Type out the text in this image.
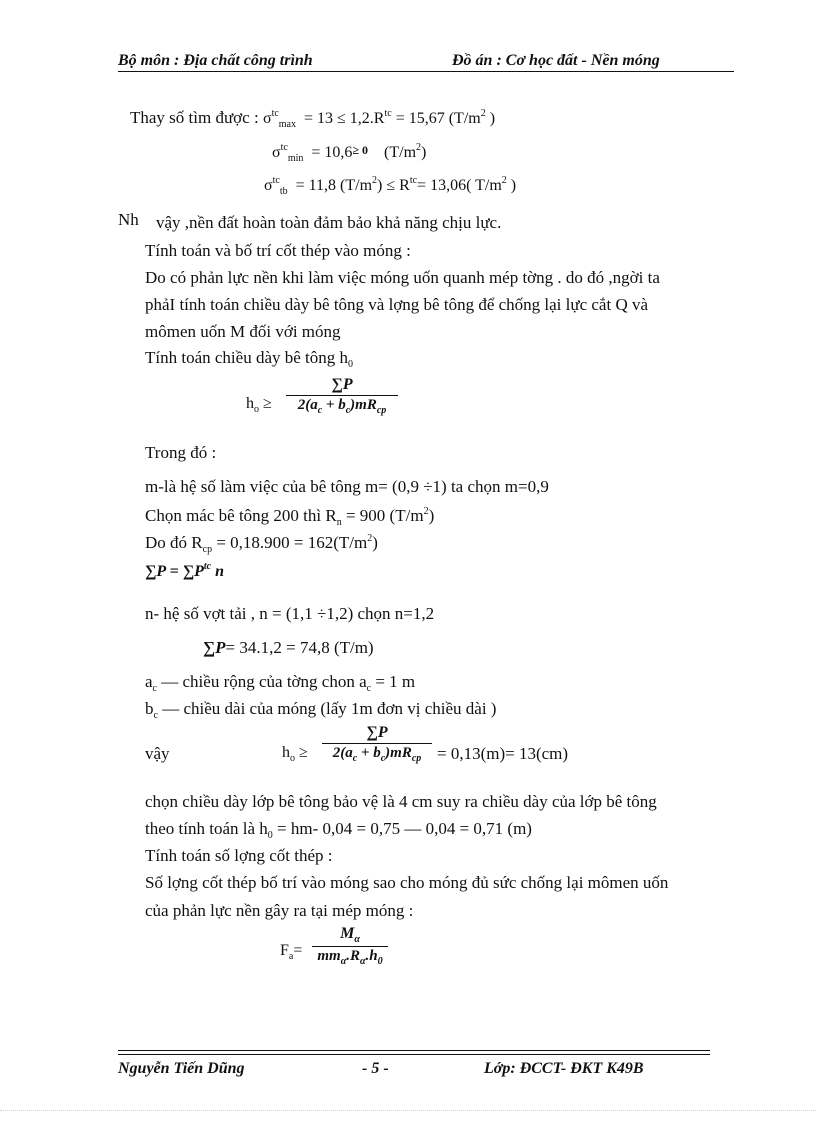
Bộ môn : Địa chất công trình	Đồ án : Cơ học đất - Nền móng
Thay số tìm được : $\sigma^{tc}_{max} = 13 \le 1,2.R^{tc} = 15,67$ ($T/m^2$ )
$\sigma^{tc}_{min} = 10,6^{\ge 0}$ $(T/m^2)$
$\sigma^{tc}_{tb} = 11,8$ $(T/m^2) \le R^{tc}= 13,06$( $T/m^2$ )
Nh vậy ,nền đất hoàn toàn đảm bảo khả năng chịu lực.
Tính toán và bố trí cốt thép vào móng :
Do có phản lực nền khi làm việc móng uốn quanh mép tờng . do đó ,ngời ta
phảI tính toán chiều dày bê tông và lợng bê tông để chống lại lực cắt Q và
mômen uốn M đối với móng
Tính toán chiều dày bê tông $h_0$
$h_o$ ≥
∑P
$2(a_c + b_c)mR_{cp}$
Trong đó :
m-là hệ số làm việc của bê tông m= (0,9 ÷1) ta chọn m=0,9
Chọn mác bê tông 200 thì $R_n = 900$ $(T/m^2)$
Do đó $R_{cp} = 0,18.900 = 162(T/m^2)$
$\sum P = \sum P^{tc}$ n
n- hệ số vợt tải , n = (1,1 ÷1,2) chọn n=1,2
∑P= 34.1,2 = 74,8 (T/m)
$a_c$ — chiều rộng của tờng chon $a_c = 1$ m
$b_c$ — chiều dài của móng (lấy 1m đơn vị chiều dài )
vậy	$h_o$ ≥
∑P
$2(a_c + b_c)mR_{cp} = 0,13(m)= 13(cm)$
chọn chiều dày lớp bê tông bảo vệ là 4 cm suy ra chiều dày của lớp bê tông
theo tính toán là $h_0 = hm-$ 0,04 = 0,75 — 0,04 = 0,71 (m)
Tính toán số lợng cốt thép :
Số lợng cốt thép bố trí vào móng sao cho móng đủ sức chống lại mômen uốn
của phản lực nền gây ra tại mép móng :
$F_a=$
$M_\alpha$
$mm_\alpha.R_\alpha.h_0$
Nguyễn Tiến Dũng	- 5 -	Lớp: ĐCCT- ĐKT K49B
